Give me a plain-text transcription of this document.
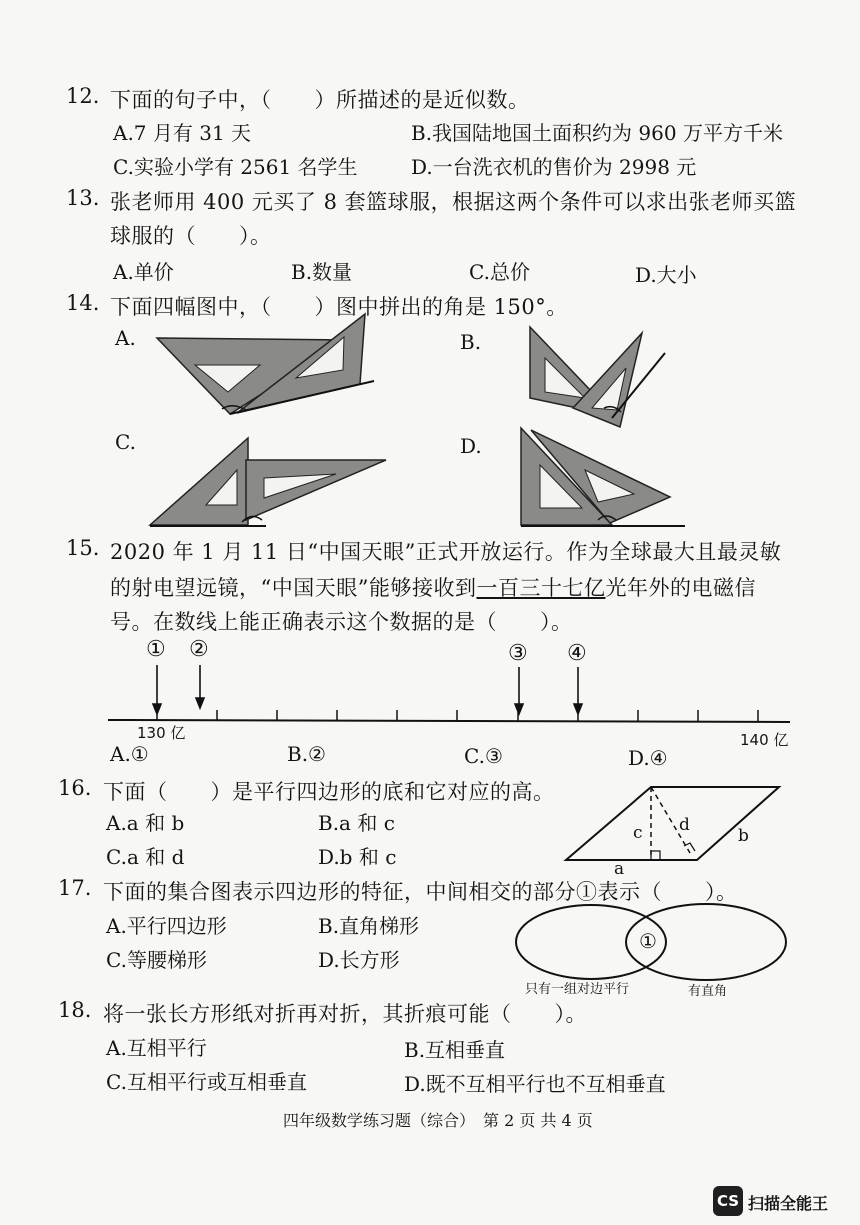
12. 下面的句子中，（　　）所描述的是近似数。
A.7 月有 31 天	B.我国陆地国土面积约为 960 万平方千米
C.实验小学有 2561 名学生	D.一台洗衣机的售价为 2998 元
13. 张老师用 400 元买了 8 套篮球服，根据这两个条件可以求出张老师买篮
球服的（　　）。
A.单价	B.数量	C.总价	D.大小
14. 下面四幅图中，（　　）图中拼出的角是 150°。
A.	B.
C.	D.
15. 2020 年 1 月 11 日“中国天眼”正式开放运行。作为全球最大且最灵敏
的射电望远镜，“中国天眼”能够接收到一百三十七亿光年外的电磁信
号。在数线上能正确表示这个数据的是（　　）。
① ②	③ ④
130 亿	140 亿
A.①	B.②	C.③	D.④
16. 下面（　　）是平行四边形的底和它对应的高。
A.a 和 b	B.a 和 c
C.a 和 d	D.b 和 c
c d
b
a
17. 下面的集合图表示四边形的特征，中间相交的部分①表示（　　）。
A.平行四边形	B.直角梯形
C.等腰梯形	D.长方形
①
只有一组对边平行	有直角
18. 将一张长方形纸对折再对折，其折痕可能（　　）。
A.互相平行	B.互相垂直
C.互相平行或互相垂直	D.既不互相平行也不互相垂直
四年级数学练习题（综合）　第 2 页 共 4 页
CS 扫描全能王
